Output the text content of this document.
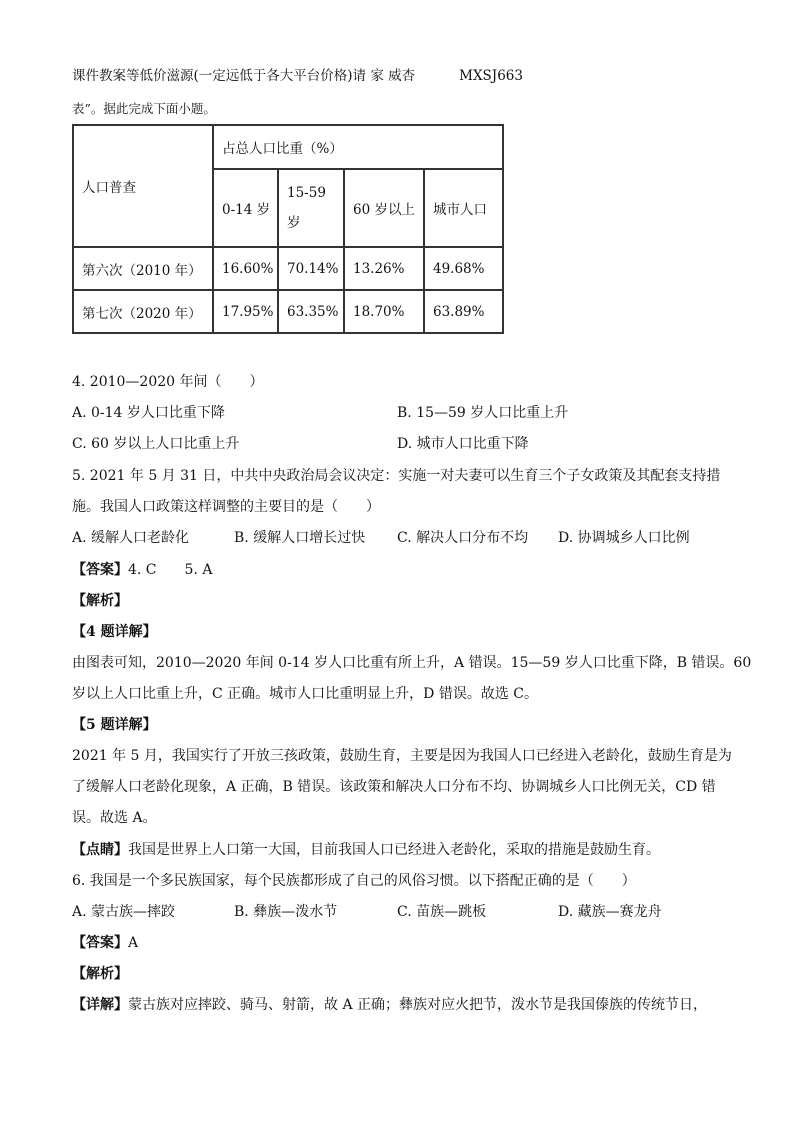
课件教案等低价滋源(一定远低于各大平台价格)请 家 威杏	MXSJ663
表”。据此完成下面小题。
人口普查	占总人口比重（%）			
	0-14 岁	15-59 岁	60 岁以上	城市人口
第六次（2010 年）	16.60%	70.14%	13.26%	49.68%
第七次（2020 年）	17.95%	63.35%	18.70%	63.89%
4. 2010—2020 年间（　　）
A. 0-14 岁人口比重下降	B. 15—59 岁人口比重上升
C. 60 岁以上人口比重上升	D. 城市人口比重下降
5. 2021 年 5 月 31 日，中共中央政治局会议决定：实施一对夫妻可以生育三个子女政策及其配套支持措
施。我国人口政策这样调整的主要目的是（　　）
A. 缓解人口老龄化	B. 缓解人口增长过快 C. 解决人口分布不均 D. 协调城乡人口比例
【答案】4. C　　5. A
【解析】
【4 题详解】
由图表可知，2010—2020 年间 0-14 岁人口比重有所上升，A 错误。15—59 岁人口比重下降，B 错误。60
岁以上人口比重上升，C 正确。城市人口比重明显上升，D 错误。故选 C。
【5 题详解】
2021 年 5 月，我国实行了开放三孩政策，鼓励生育，主要是因为我国人口已经进入老龄化，鼓励生育是为
了缓解人口老龄化现象，A 正确，B 错误。该政策和解决人口分布不均、协调城乡人口比例无关，CD 错
误。故选 A。
【点睛】我国是世界上人口第一大国，目前我国人口已经进入老龄化，采取的措施是鼓励生育。
6. 我国是一个多民族国家，每个民族都形成了自己的风俗习惯。以下搭配正确的是（　　）
A. 蒙古族—摔跤	B. 彝族—泼水节	C. 苗族—跳板	D. 藏族—赛龙舟
【答案】A
【解析】
【详解】蒙古族对应摔跤、骑马、射箭，故 A 正确；彝族对应火把节，泼水节是我国傣族的传统节日，
